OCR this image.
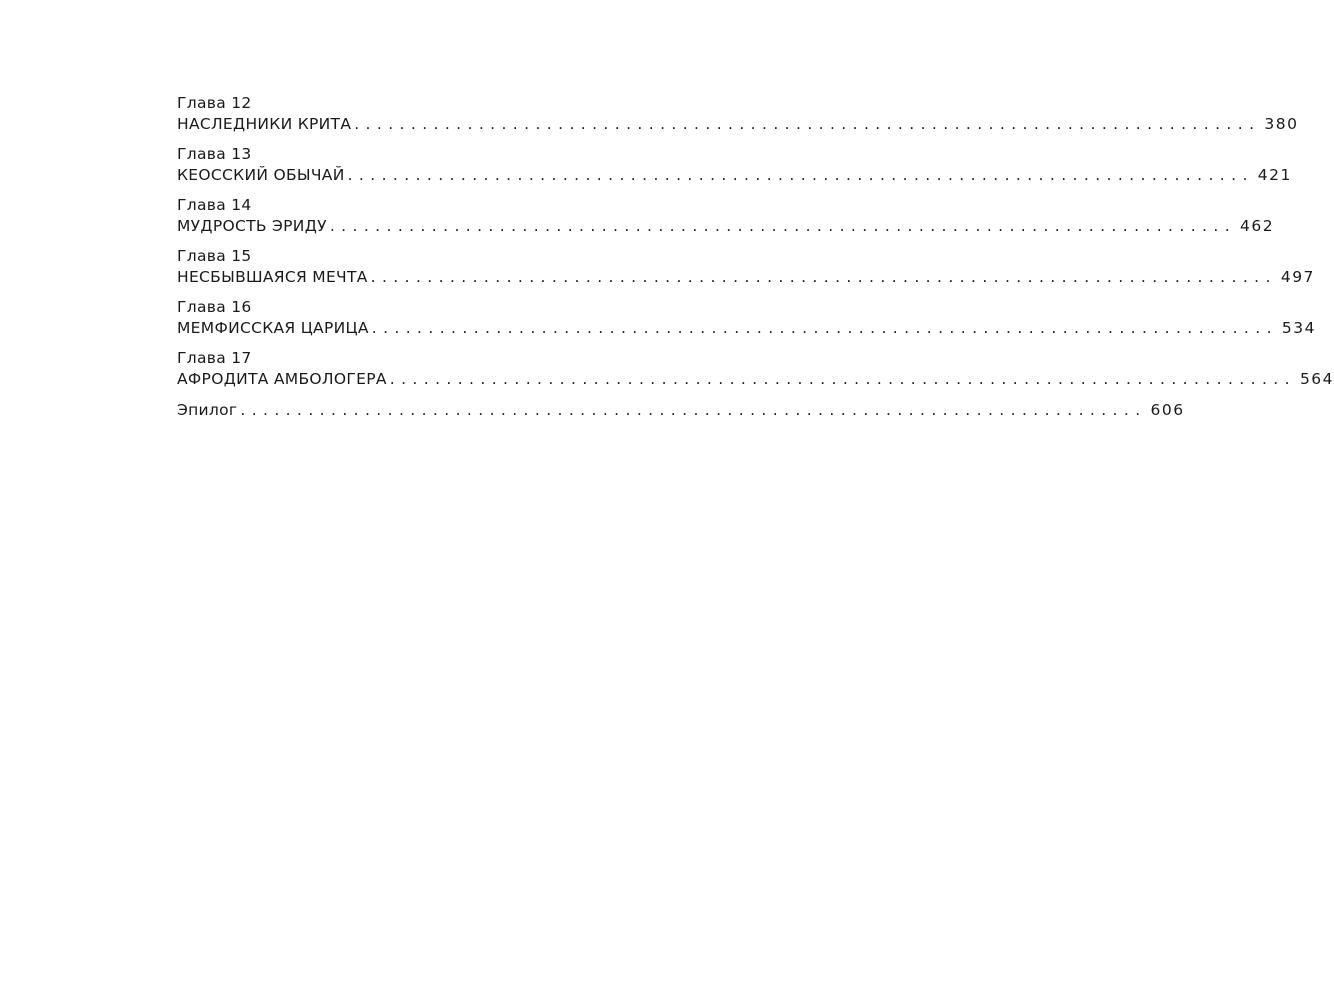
Глава 12
НАСЛЕДНИКИ КРИТА ................................................................................ 380
Глава 13
КЕОССКИЙ ОБЫЧАЙ ................................................................................ 421
Глава 14
МУДРОСТЬ ЭРИДУ ................................................................................ 462
Глава 15
НЕСБЫВШАЯСЯ МЕЧТА ................................................................................ 497
Глава 16
МЕМФИССКАЯ ЦАРИЦА ................................................................................ 534
Глава 17
АФРОДИТА АМБОЛОГЕРА ................................................................................ 564
Эпилог ................................................................................ 606
